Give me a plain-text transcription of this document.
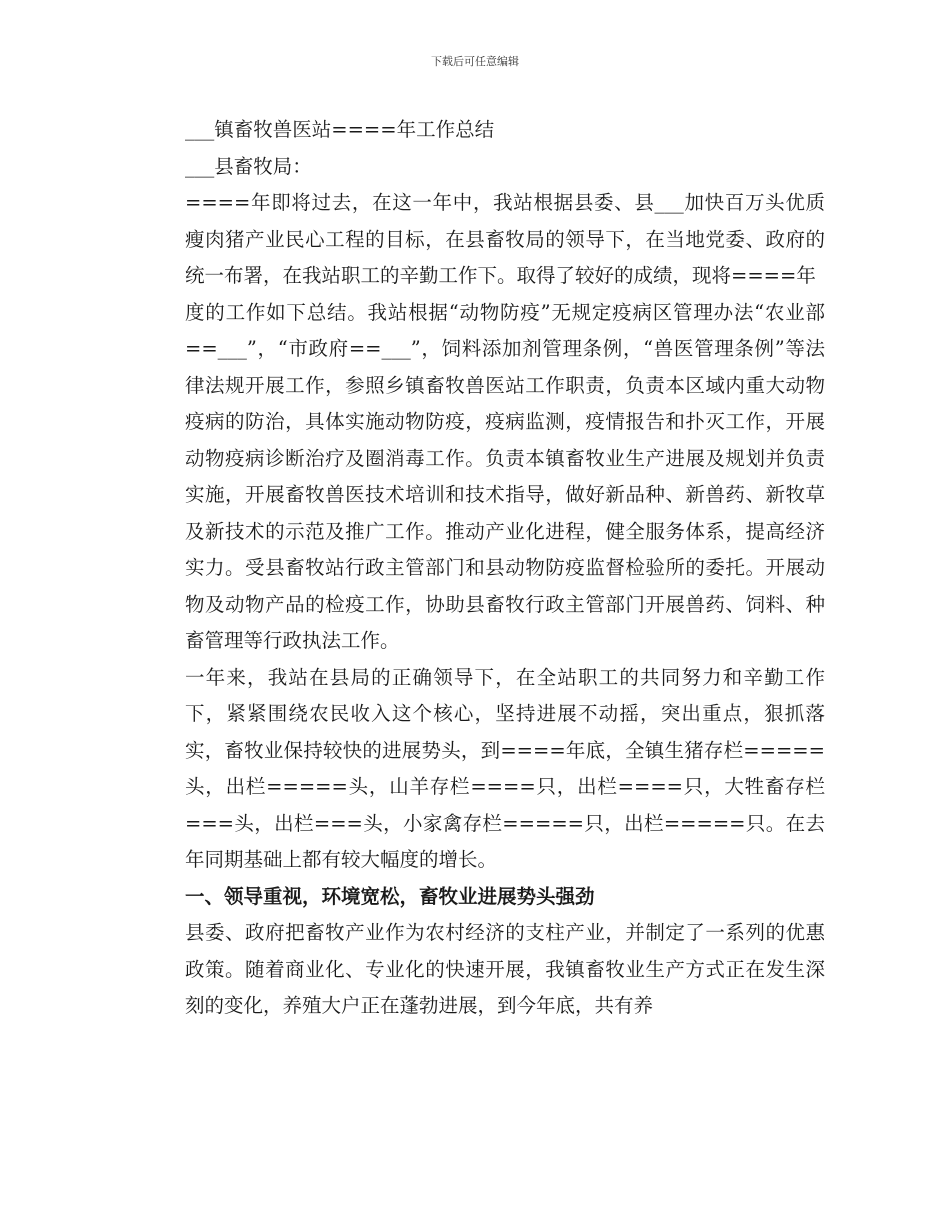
下载后可任意编辑

___镇畜牧兽医站====年工作总结

___县畜牧局：

====年即将过去，在这一年中，我站根据县委、县___加快百万头优质瘦肉猪产业民心工程的目标，在县畜牧局的领导下，在当地党委、政府的统一布署，在我站职工的辛勤工作下。取得了较好的成绩，现将====年

度的工作如下总结。我站根据“动物防疫”无规定疫病区管理办法“农业部==___”，“市政府==___”，饲料添加剂管理条例，“兽医管理条例”等法律法规开展工作，参照乡镇畜牧兽医站工作职责，负责本区域内重大动物疫病的防治，具体实施动物防疫，疫病监测，疫情报告和扑灭工作，开展动物疫病诊断治疗及圈消毒工作。负责本镇畜牧业生产进展及规划并负责实施，开展畜牧兽医技术培训和技术指导，做好新品种、新兽药、新牧草及新技术的示范及推广工作。推动产业化进程，健全服务体系，提高经济实力。受县畜牧站行政主管部门和县动物防疫监督检验所的委托。开展动物及动物产品的检疫工作，协助县畜牧行政主管部门开展兽药、饲料、种畜管理等行政执法工作。

一年来，我站在县局的正确领导下，在全站职工的共同努力和辛勤工作下，紧紧围绕农民收入这个核心，坚持进展不动摇，突出重点，狠抓落实，畜牧业保持较快的进展势头，到====年底，全镇生猪存栏=====头，出栏=====头，山羊存栏====只，出栏====只，大牲畜存栏===头，出栏===头，小家禽存栏=====只，出栏=====只。在去年同期基础上都有较大幅度的增长。

一、领导重视，环境宽松，畜牧业进展势头强劲

县委、政府把畜牧产业作为农村经济的支柱产业，并制定了一系列的优惠政策。随着商业化、专业化的快速开展，我镇畜牧业生产方式正在发生深刻的变化，养殖大户正在蓬勃进展，到今年底，共有养
